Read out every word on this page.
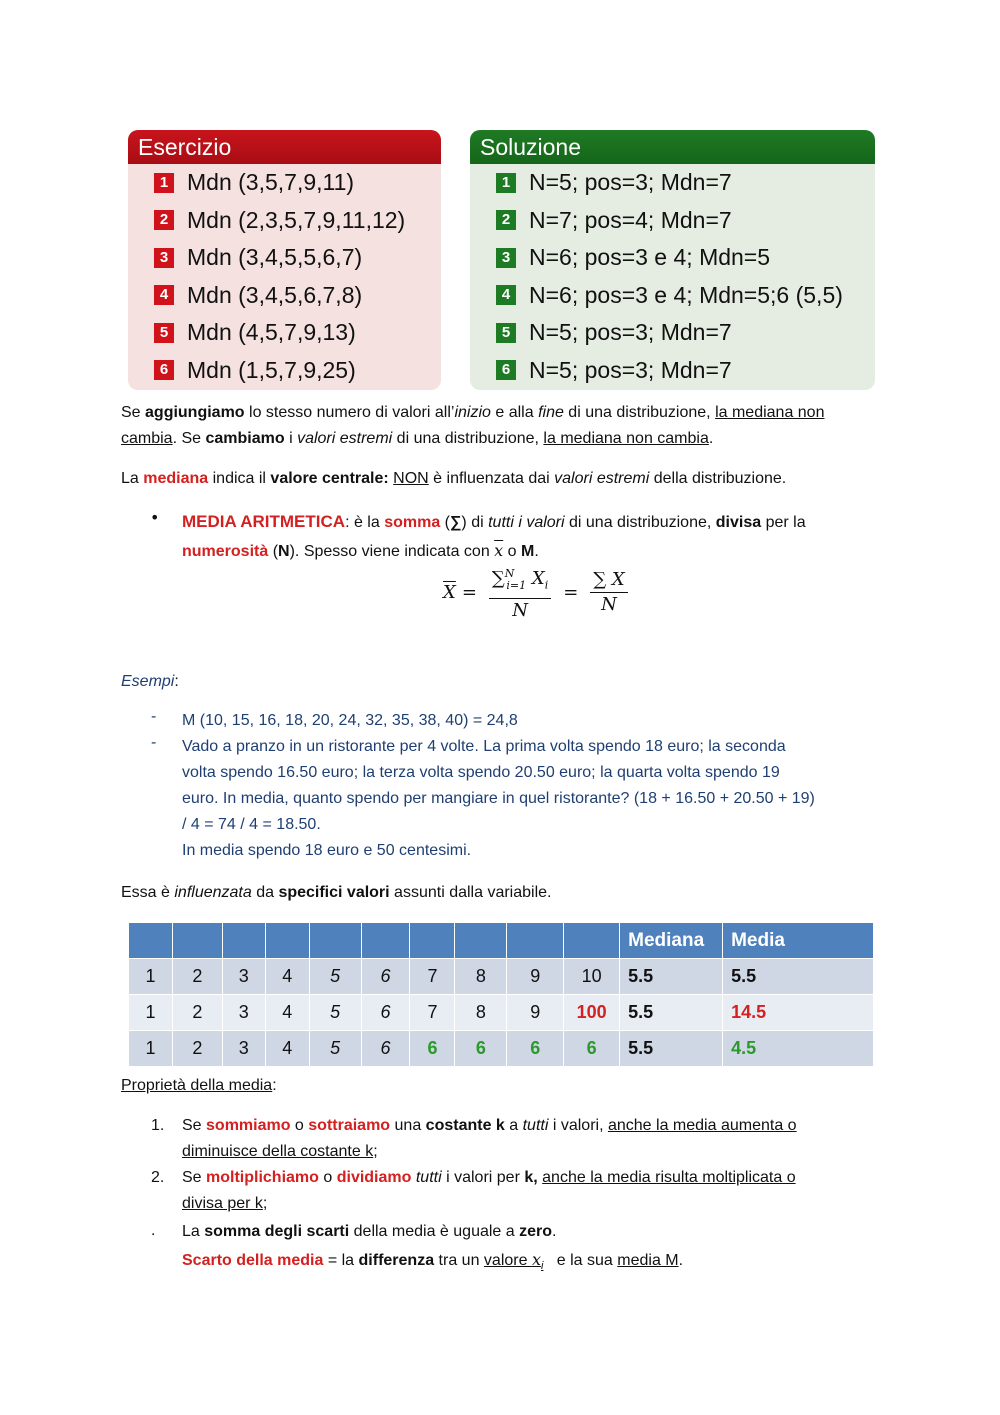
Esercizio
1 Mdn (3,5,7,9,11)
2 Mdn (2,3,5,7,9,11,12)
3 Mdn (3,4,5,5,6,7)
4 Mdn (3,4,5,6,7,8)
5 Mdn (4,5,7,9,13)
6 Mdn (1,5,7,9,25)
Soluzione
1 N=5; pos=3; Mdn=7
2 N=7; pos=4; Mdn=7
3 N=6; pos=3 e 4; Mdn=5
4 N=6; pos=3 e 4; Mdn=5;6 (5,5)
5 N=5; pos=3; Mdn=7
6 N=5; pos=3; Mdn=7
Se aggiungiamo lo stesso numero di valori all’inizio e alla fine di una distribuzione, la mediana non cambia. Se cambiamo i valori estremi di una distribuzione, la mediana non cambia.
La mediana indica il valore centrale: NON è influenzata dai valori estremi della distribuzione.
• MEDIA ARITMETICA: è la somma (∑) di tutti i valori di una distribuzione, divisa per la numerosità (N). Spesso viene indicata con $\overline{x}$ o M.
$\overline{X} = \frac{\sum^N_{i=1} X_i}{N} = \frac{\sum X}{N}$
Esempi:
- M (10, 15, 16, 18, 20, 24, 32, 35, 38, 40) = 24,8
- Vado a pranzo in un ristorante per 4 volte. La prima volta spendo 18 euro; la seconda
volta spendo 16.50 euro; la terza volta spendo 20.50 euro; la quarta volta spendo 19
euro. In media, quanto spendo per mangiare in quel ristorante? (18 + 16.50 + 20.50 + 19)
/ 4 = 74 / 4 = 18.50.
In media spendo 18 euro e 50 centesimi.
Essa è influenzata da specifici valori assunti dalla variabile.
										Mediana	Media
1	2	3	4	5	6	7	8	9	10	5.5	5.5
1	2	3	4	5	6	7	8	9	100	5.5	14.5
1	2	3	4	5	6	6	6	6	6	5.5	4.5
Proprietà della media:
1. Se sommiamo o sottraiamo una costante k a tutti i valori, anche la media aumenta o
diminuisce della costante k;
2. Se moltiplichiamo o dividiamo tutti i valori per k, anche la media risulta moltiplicata o
divisa per k;
. La somma degli scarti della media è uguale a zero.
Scarto della media = la differenza tra un valore $x_i$   e la sua media M.
